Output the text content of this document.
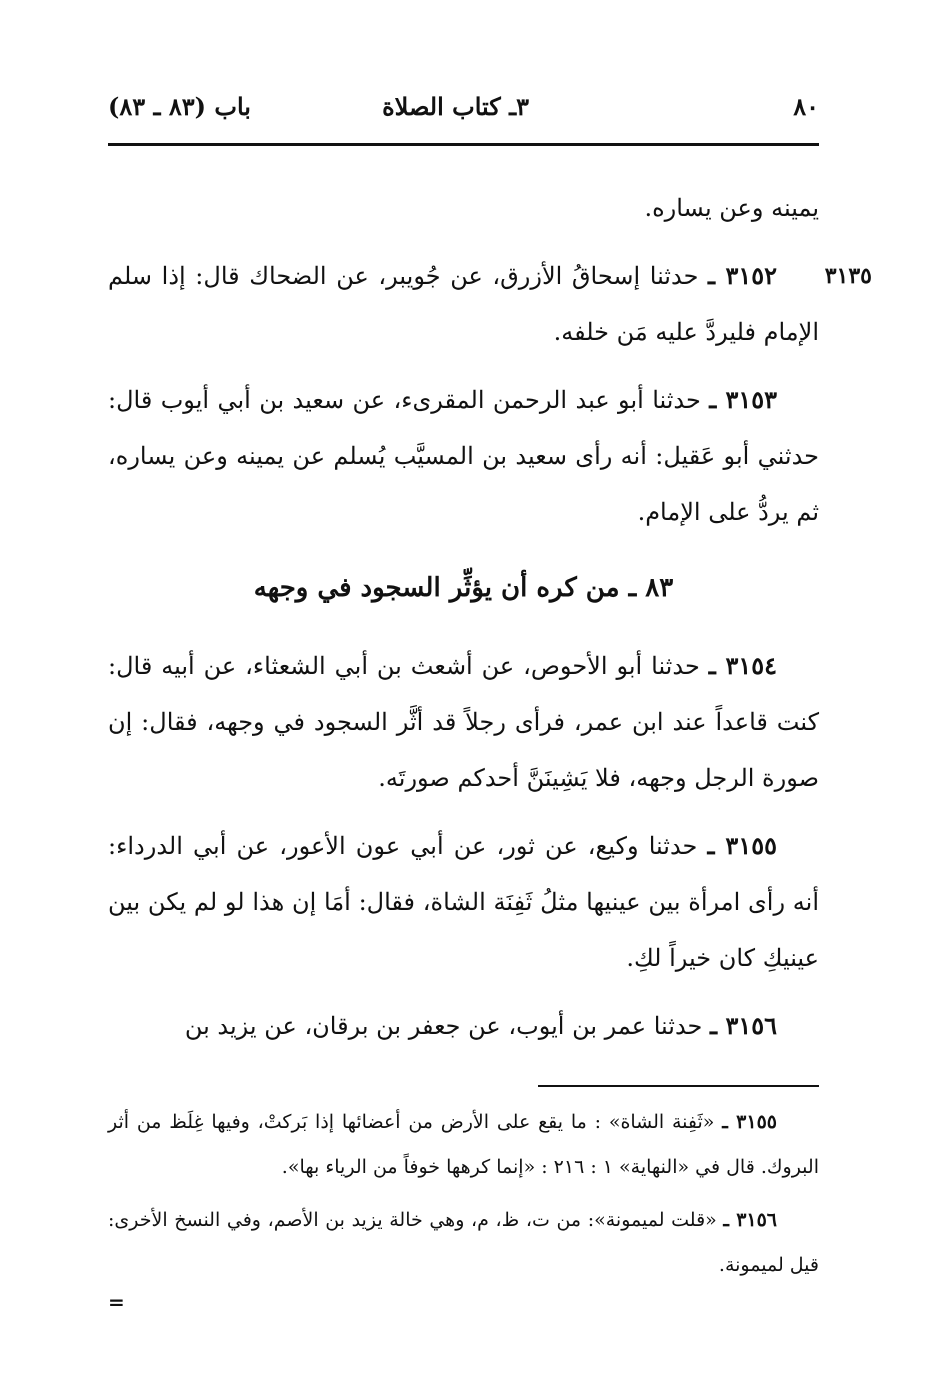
٨٠
٣ـ كتاب الصلاة
باب (٨٣ ـ ٨٣)

يمينه وعن يساره.

٣١٣٥
٣١٥٢ ـ حدثنا إسحاقُ الأزرق، عن جُويبر، عن الضحاك قال: إذا سلم الإمام فليردَّ عليه مَن خلفه.

٣١٥٣ ـ حدثنا أبو عبد الرحمن المقرىء، عن سعيد بن أبي أيوب قال: حدثني أبو عَقيل: أنه رأى سعيد بن المسيَّب يُسلم عن يمينه وعن يساره، ثم يردُّ على الإمام.

٨٣ ـ من كره أن يؤثِّر السجود في وجهه

٣١٥٤ ـ حدثنا أبو الأحوص، عن أشعث بن أبي الشعثاء، عن أبيه قال: كنت قاعداً عند ابن عمر، فرأى رجلاً قد أثَّر السجود في وجهه، فقال: إن صورة الرجل وجهه، فلا يَشِينَنَّ أحدكم صورتَه.

٣١٥٥ ـ حدثنا وكيع، عن ثور، عن أبي عون الأعور، عن أبي الدرداء: أنه رأى امرأة بين عينيها مثلُ ثَفِنَة الشاة، فقال: أمَا إن هذا لو لم يكن بين عينيكِ كان خيراً لكِ.

٣١٥٦ ـ حدثنا عمر بن أيوب، عن جعفر بن برقان، عن يزيد بن

٣١٥٥ ـ «ثَفِنة الشاة» : ما يقع على الأرض من أعضائها إذا بَركتْ، وفيها غِلَظ من أثر البروك. قال في «النهاية» ١ : ٢١٦ : «إنما كرهها خوفاً من الرياء بها».

٣١٥٦ ـ «قلت لميمونة»: من ت، ظ، م، وهي خالة يزيد بن الأصم، وفي النسخ الأخرى: قيل لميمونة.

=
